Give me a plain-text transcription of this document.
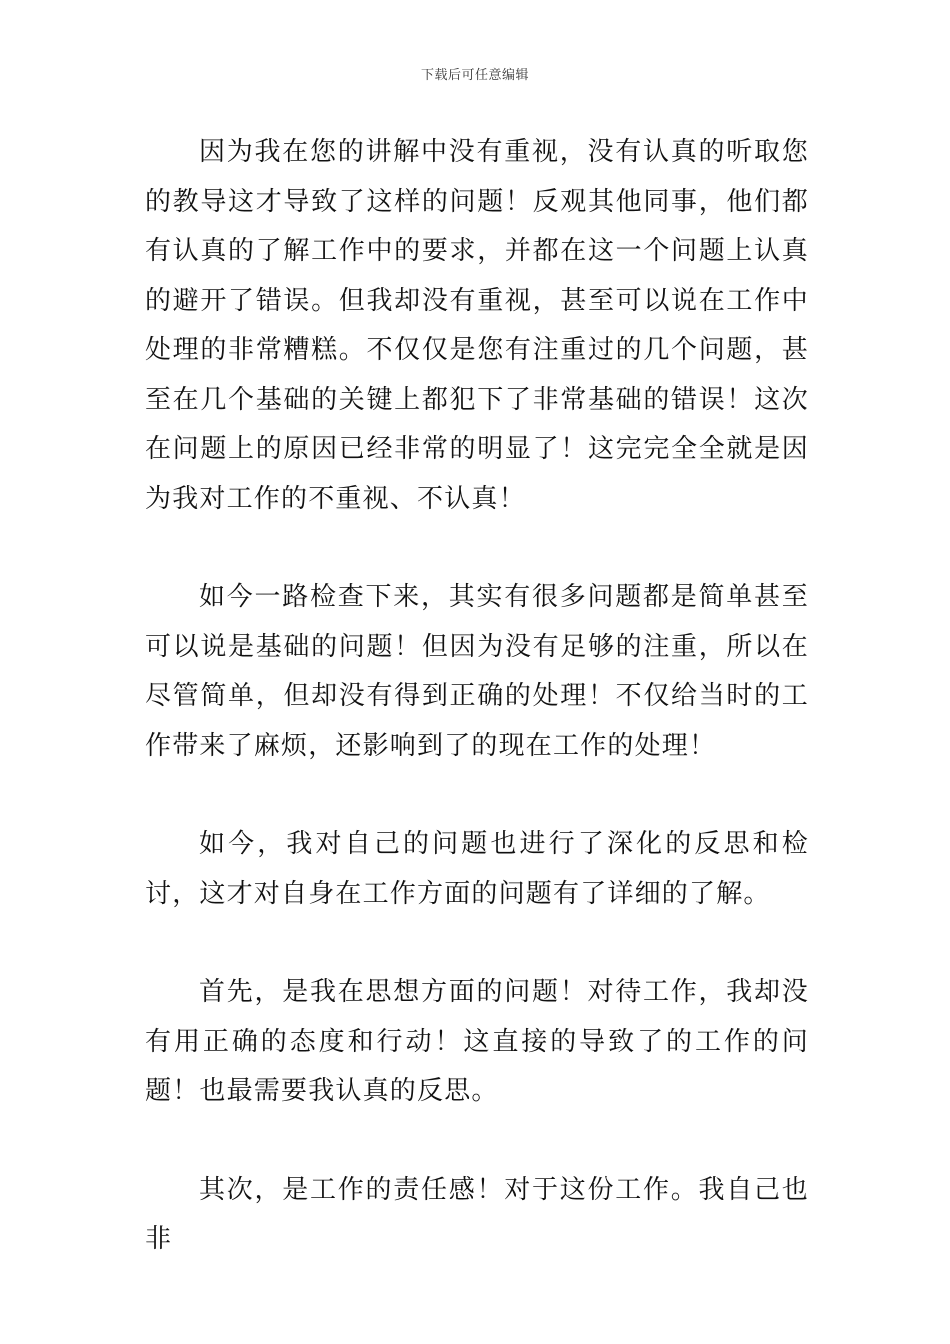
下载后可任意编辑

因为我在您的讲解中没有重视，没有认真的听取您的教导这才导致了这样的问题！反观其他同事，他们都有认真的了解工作中的要求，并都在这一个问题上认真的避开了错误。但我却没有重视，甚至可以说在工作中处理的非常糟糕。不仅仅是您有注重过的几个问题，甚至在几个基础的关键上都犯下了非常基础的错误！这次在问题上的原因已经非常的明显了！这完完全全就是因为我对工作的不重视、不认真！

如今一路检查下来，其实有很多问题都是简单甚至可以说是基础的问题！但因为没有足够的注重，所以在尽管简单，但却没有得到正确的处理！不仅给当时的工作带来了麻烦，还影响到了的现在工作的处理！

如今，我对自己的问题也进行了深化的反思和检讨，这才对自身在工作方面的问题有了详细的了解。

首先，是我在思想方面的问题！对待工作，我却没有用正确的态度和行动！这直接的导致了的工作的问题！也最需要我认真的反思。

其次，是工作的责任感！对于这份工作。我自己也非
